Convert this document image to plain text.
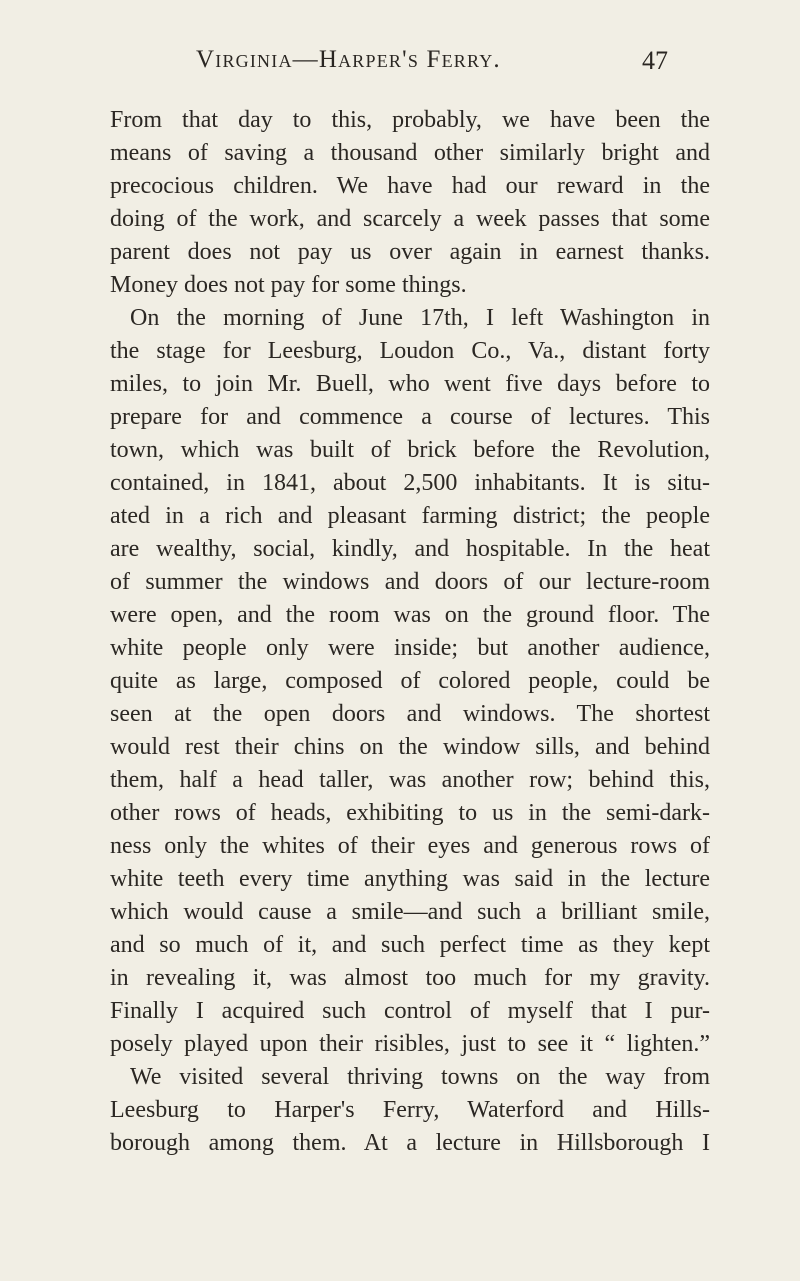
Virginia—Harper's Ferry.	47
From that day to this, probably, we have been the
means of saving a thousand other similarly bright and
precocious children. We have had our reward in the
doing of the work, and scarcely a week passes that some
parent does not pay us over again in earnest thanks.
Money does not pay for some things.
On the morning of June 17th, I left Washington in
the stage for Leesburg, Loudon Co., Va., distant forty
miles, to join Mr. Buell, who went five days before to
prepare for and commence a course of lectures. This
town, which was built of brick before the Revolution,
contained, in 1841, about 2,500 inhabitants. It is situ-
ated in a rich and pleasant farming district; the people
are wealthy, social, kindly, and hospitable. In the heat
of summer the windows and doors of our lecture-room
were open, and the room was on the ground floor. The
white people only were inside; but another audience,
quite as large, composed of colored people, could be
seen at the open doors and windows. The shortest
would rest their chins on the window sills, and behind
them, half a head taller, was another row; behind this,
other rows of heads, exhibiting to us in the semi-dark-
ness only the whites of their eyes and generous rows of
white teeth every time anything was said in the lecture
which would cause a smile—and such a brilliant smile,
and so much of it, and such perfect time as they kept
in revealing it, was almost too much for my gravity.
Finally I acquired such control of myself that I pur-
posely played upon their risibles, just to see it “ lighten.”
We visited several thriving towns on the way from
Leesburg to Harper's Ferry, Waterford and Hills-
borough among them. At a lecture in Hillsborough I
